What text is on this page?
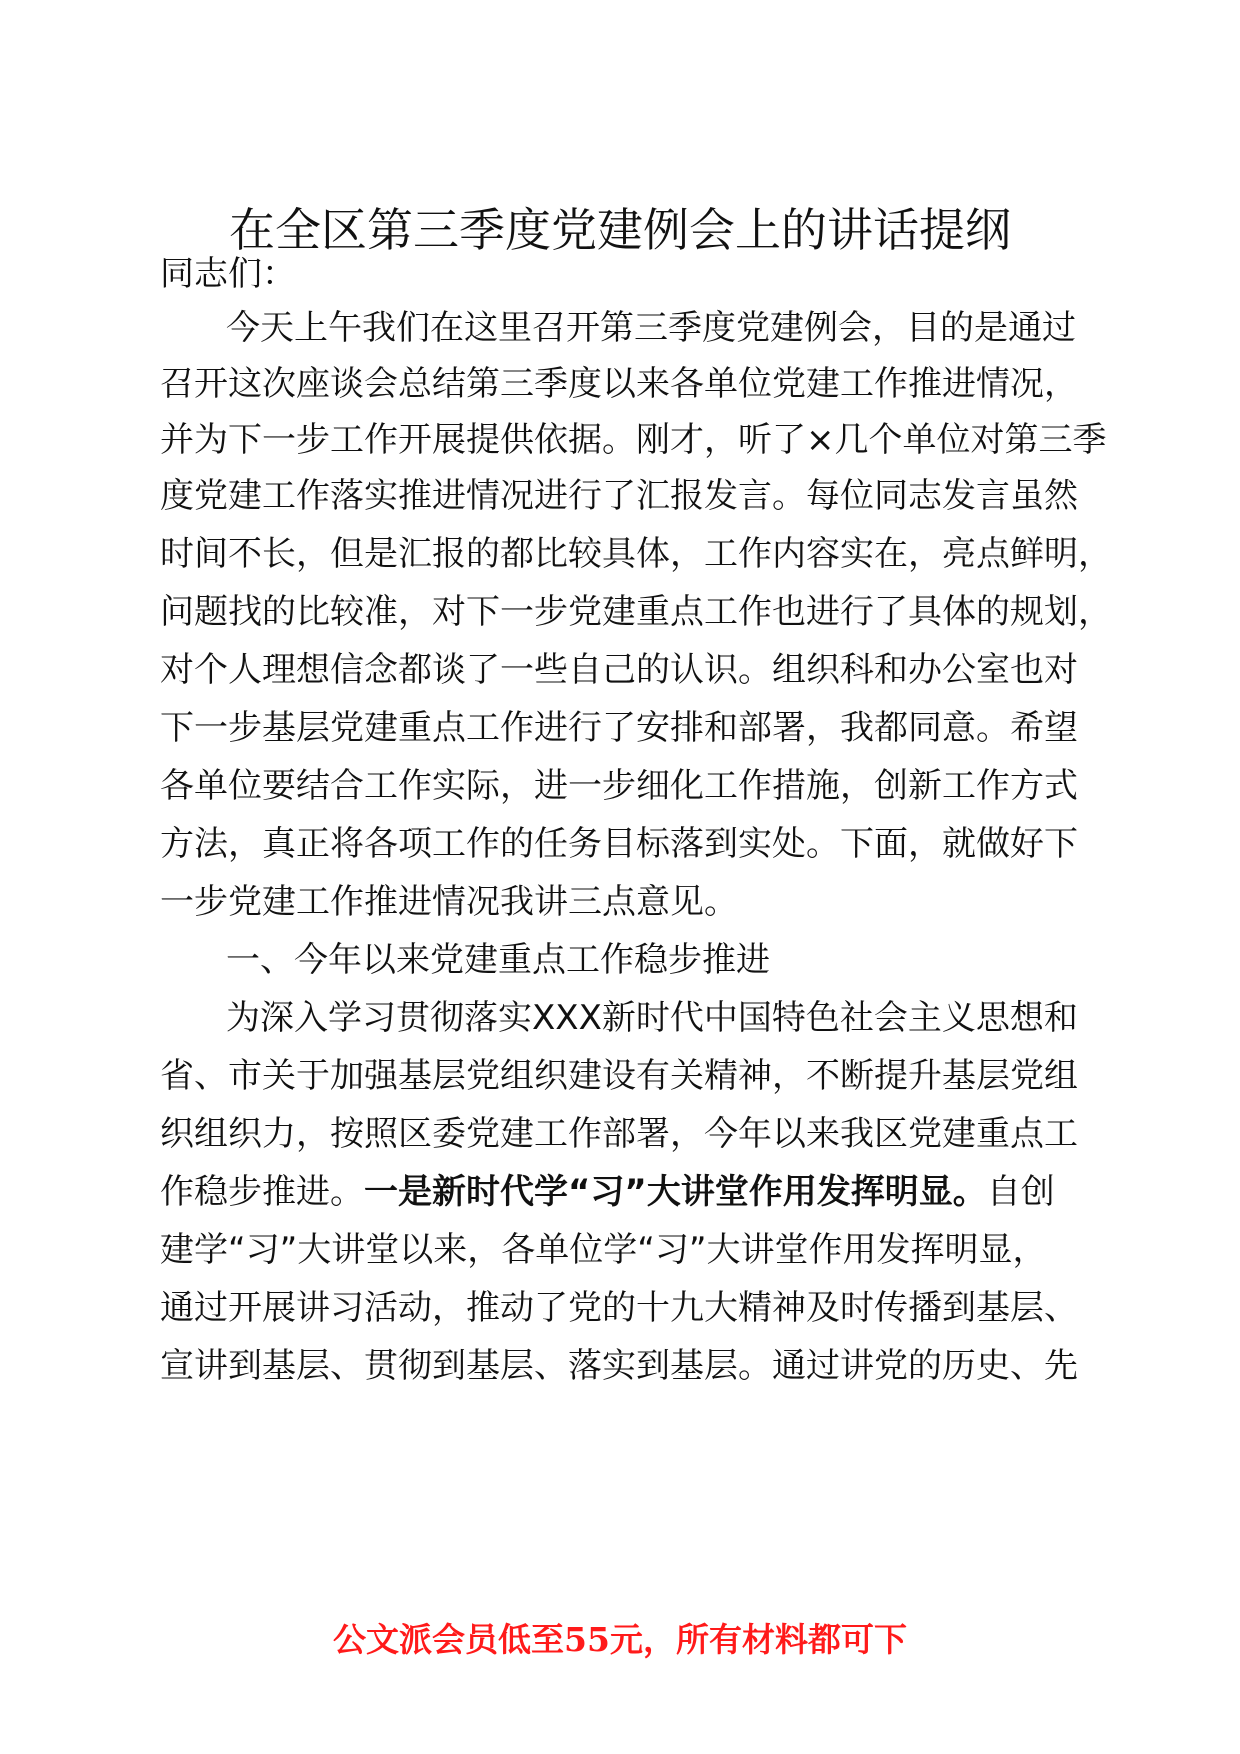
在全区第三季度党建例会上的讲话提纲
同志们：
今天上午我们在这里召开第三季度党建例会，目的是通过
召开这次座谈会总结第三季度以来各单位党建工作推进情况，
并为下一步工作开展提供依据。刚才，听了×几个单位对第三季
度党建工作落实推进情况进行了汇报发言。每位同志发言虽然
时间不长，但是汇报的都比较具体，工作内容实在，亮点鲜明，
问题找的比较准，对下一步党建重点工作也进行了具体的规划，
对个人理想信念都谈了一些自己的认识。组织科和办公室也对
下一步基层党建重点工作进行了安排和部署，我都同意。希望
各单位要结合工作实际，进一步细化工作措施，创新工作方式
方法，真正将各项工作的任务目标落到实处。下面，就做好下
一步党建工作推进情况我讲三点意见。
一、今年以来党建重点工作稳步推进
为深入学习贯彻落实XXX新时代中国特色社会主义思想和
省、市关于加强基层党组织建设有关精神，不断提升基层党组
织组织力，按照区委党建工作部署，今年以来我区党建重点工
作稳步推进。一是新时代学“习”大讲堂作用发挥明显。自创
建学“习”大讲堂以来，各单位学“习”大讲堂作用发挥明显，
通过开展讲习活动，推动了党的十九大精神及时传播到基层、
宣讲到基层、贯彻到基层、落实到基层。通过讲党的历史、先
公文派会员低至55元，所有材料都可下
